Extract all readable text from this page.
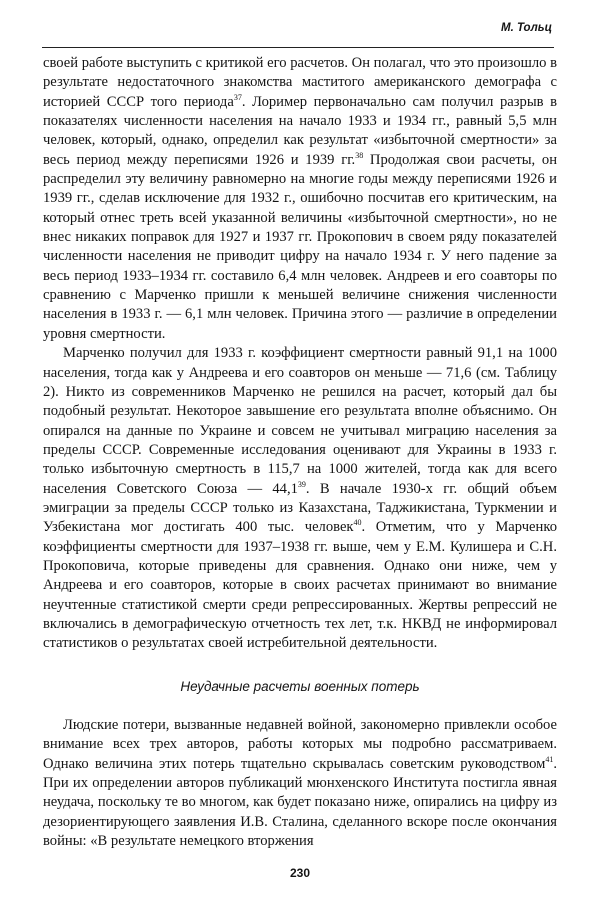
М. Тольц

своей работе выступить с критикой его расчетов. Он полагал, что это произошло в результате недостаточного знакомства маститого американского демографа с историей СССР того периода$^{37}$. Лоример первоначально сам получил разрыв в показателях численности населения на начало 1933 и 1934 гг., равный 5,5 млн человек, который, однако, определил как результат «избыточной смертности» за весь период между переписями 1926 и 1939 гг.$^{38}$ Продолжая свои расчеты, он распределил эту величину равномерно на многие годы между переписями 1926 и 1939 гг., сделав исключение для 1932 г., ошибочно посчитав его критическим, на который отнес треть всей указанной величины «избыточной смертности», но не внес никаких поправок для 1927 и 1937 гг. Прокопович в своем ряду показателей численности населения не приводит цифру на начало 1934 г. У него падение за весь период 1933–1934 гг. составило 6,4 млн человек. Андреев и его соавторы по сравнению с Марченко пришли к меньшей величине снижения численности населения в 1933 г. — 6,1 млн человек. Причина этого — различие в определении уровня смертности.

Марченко получил для 1933 г. коэффициент смертности равный 91,1 на 1000 населения, тогда как у Андреева и его соавторов он меньше — 71,6 (см. Таблицу 2). Никто из современников Марченко не решился на расчет, который дал бы подобный результат. Некоторое завышение его результата вполне объяснимо. Он опирался на данные по Украине и совсем не учитывал миграцию населения за пределы СССР. Современные исследования оценивают для Украины в 1933 г. только избыточную смертность в 115,7 на 1000 жителей, тогда как для всего населения Советского Союза — 44,1$^{39}$. В начале 1930-х гг. общий объем эмиграции за пределы СССР только из Казахстана, Таджикистана, Туркмении и Узбекистана мог достигать 400 тыс. человек$^{40}$. Отметим, что у Марченко коэффициенты смертности для 1937–1938 гг. выше, чем у Е.М. Кулишера и С.Н. Прокоповича, которые приведены для сравнения. Однако они ниже, чем у Андреева и его соавторов, которые в своих расчетах принимают во внимание неучтенные статистикой смерти среди репрессированных. Жертвы репрессий не включались в демографическую отчетность тех лет, т.к. НКВД не информировал статистиков о результатах своей истребительной деятельности.

Неудачные расчеты военных потерь

Людские потери, вызванные недавней войной, закономерно привлекли особое внимание всех трех авторов, работы которых мы подробно рассматриваем. Однако величина этих потерь тщательно скрывалась советским руководством$^{41}$. При их определении авторов публикаций мюнхенского Института постигла явная неудача, поскольку те во многом, как будет показано ниже, опирались на цифру из дезориентирующего заявления И.В. Сталина, сделанного вскоре после окончания войны: «В результате немецкого вторжения

230
